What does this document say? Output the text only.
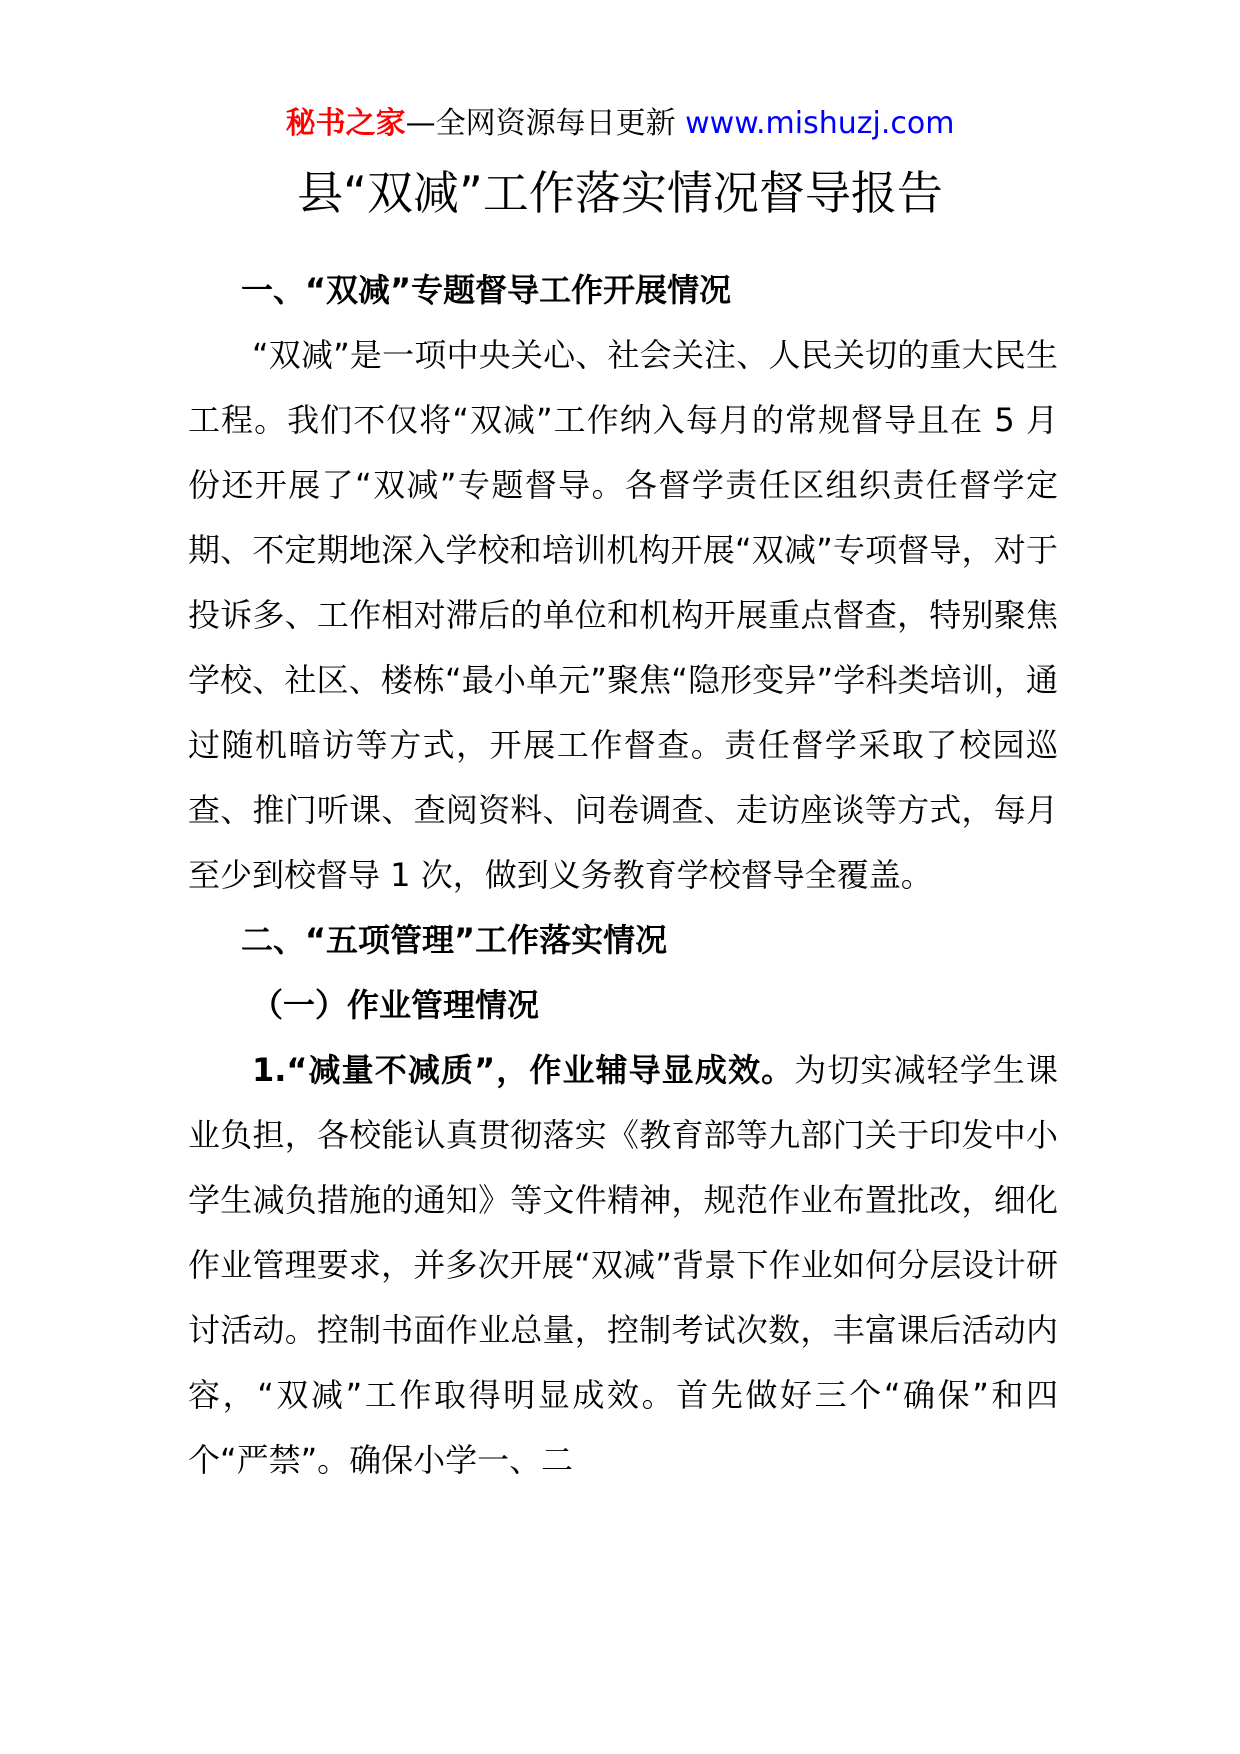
秘书之家—全网资源每日更新 www.mishuzj.com
县“双减”工作落实情况督导报告

一、“双减”专题督导工作开展情况

“双减”是一项中央关心、社会关注、人民关切的重大民生工程。我们不仅将“双减”工作纳入每月的常规督导且在 5 月份还开展了“双减”专题督导。各督学责任区组织责任督学定期、不定期地深入学校和培训机构开展“双减”专项督导，对于投诉多、工作相对滞后的单位和机构开展重点督查，特别聚焦学校、社区、楼栋“最小单元”聚焦“隐形变异”学科类培训，通过随机暗访等方式，开展工作督查。责任督学采取了校园巡查、推门听课、查阅资料、问卷调查、走访座谈等方式，每月至少到校督导 1 次，做到义务教育学校督导全覆盖。

二、“五项管理”工作落实情况

（一）作业管理情况

1.“减量不减质”，作业辅导显成效。为切实减轻学生课业负担，各校能认真贯彻落实《教育部等九部门关于印发中小学生减负措施的通知》等文件精神，规范作业布置批改，细化作业管理要求，并多次开展“双减”背景下作业如何分层设计研讨活动。控制书面作业总量，控制考试次数，丰富课后活动内容，“双减”工作取得明显成效。首先做好三个“确保”和四个“严禁”。确保小学一、二
